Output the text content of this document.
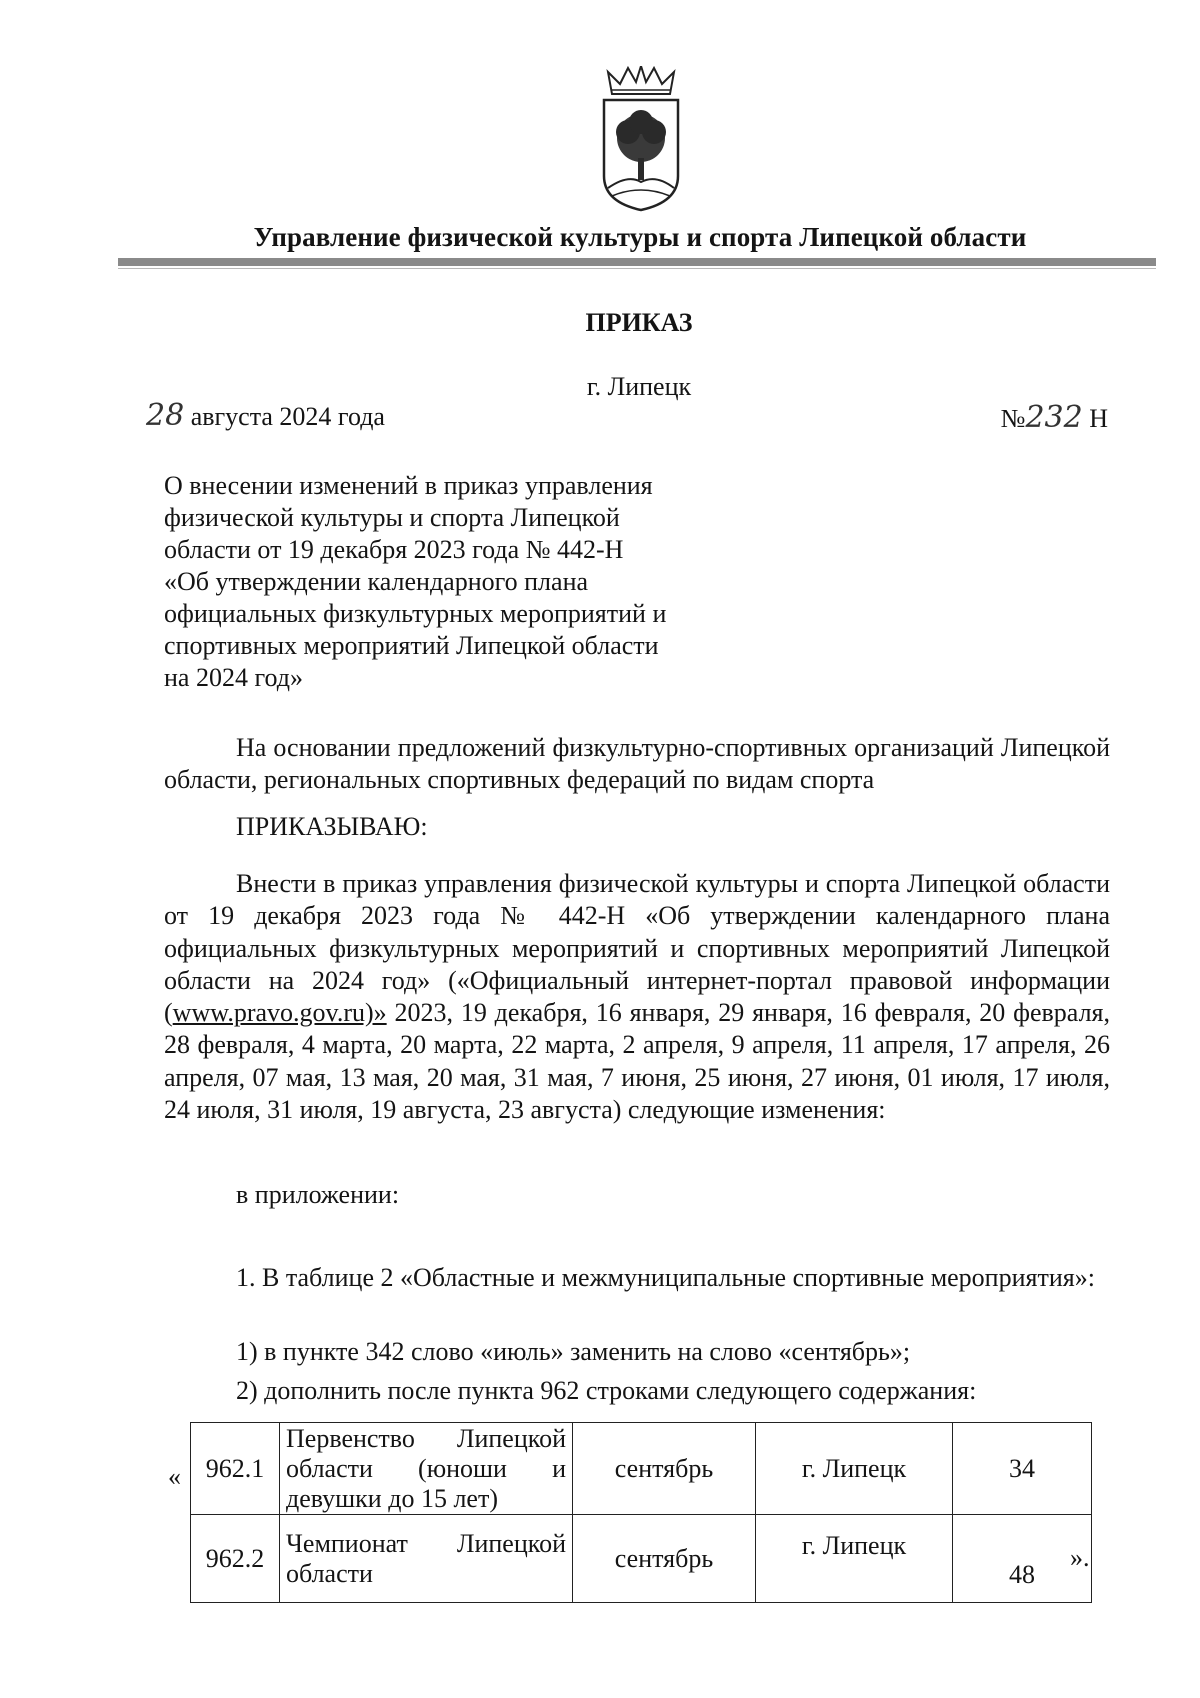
Управление физической культуры и спорта Липецкой области
ПРИКАЗ
г. Липецк
28 августа 2024 года	№232 Н
О внесении изменений в приказ управления
физической культуры и спорта Липецкой
области от 19 декабря 2023 года № 442-Н
«Об утверждении календарного плана
официальных физкультурных мероприятий и
спортивных мероприятий Липецкой области
на 2024 год»
На основании предложений физкультурно-спортивных организаций Липецкой области, региональных спортивных федераций по видам спорта
ПРИКАЗЫВАЮ:
Внести в приказ управления физической культуры и спорта Липецкой области от 19 декабря 2023 года № 442-Н «Об утверждении календарного плана официальных физкультурных мероприятий и спортивных мероприятий Липецкой области на 2024 год» («Официальный интернет-портал правовой информации (www.pravo.gov.ru)» 2023, 19 декабря, 16 января, 29 января, 16 февраля, 20 февраля, 28 февраля, 4 марта, 20 марта, 22 марта, 2 апреля, 9 апреля, 11 апреля, 17 апреля, 26 апреля, 07 мая, 13 мая, 20 мая, 31 мая, 7 июня, 25 июня, 27 июня, 01 июля, 17 июля, 24 июля, 31 июля, 19 августа, 23 августа) следующие изменения:
в приложении:
1. В таблице 2 «Областные и межмуниципальные спортивные мероприятия»:
1) в пункте 342 слово «июль» заменить на слово «сентябрь»;
2) дополнить после пункта 962 строками следующего содержания:
« 962.1	Первенство Липецкой
области (юноши и
девушки до 15 лет)	сентябрь	г. Липецк	34
962.2	Чемпионат Липецкой
области	сентябрь	г. Липецк	48
».
